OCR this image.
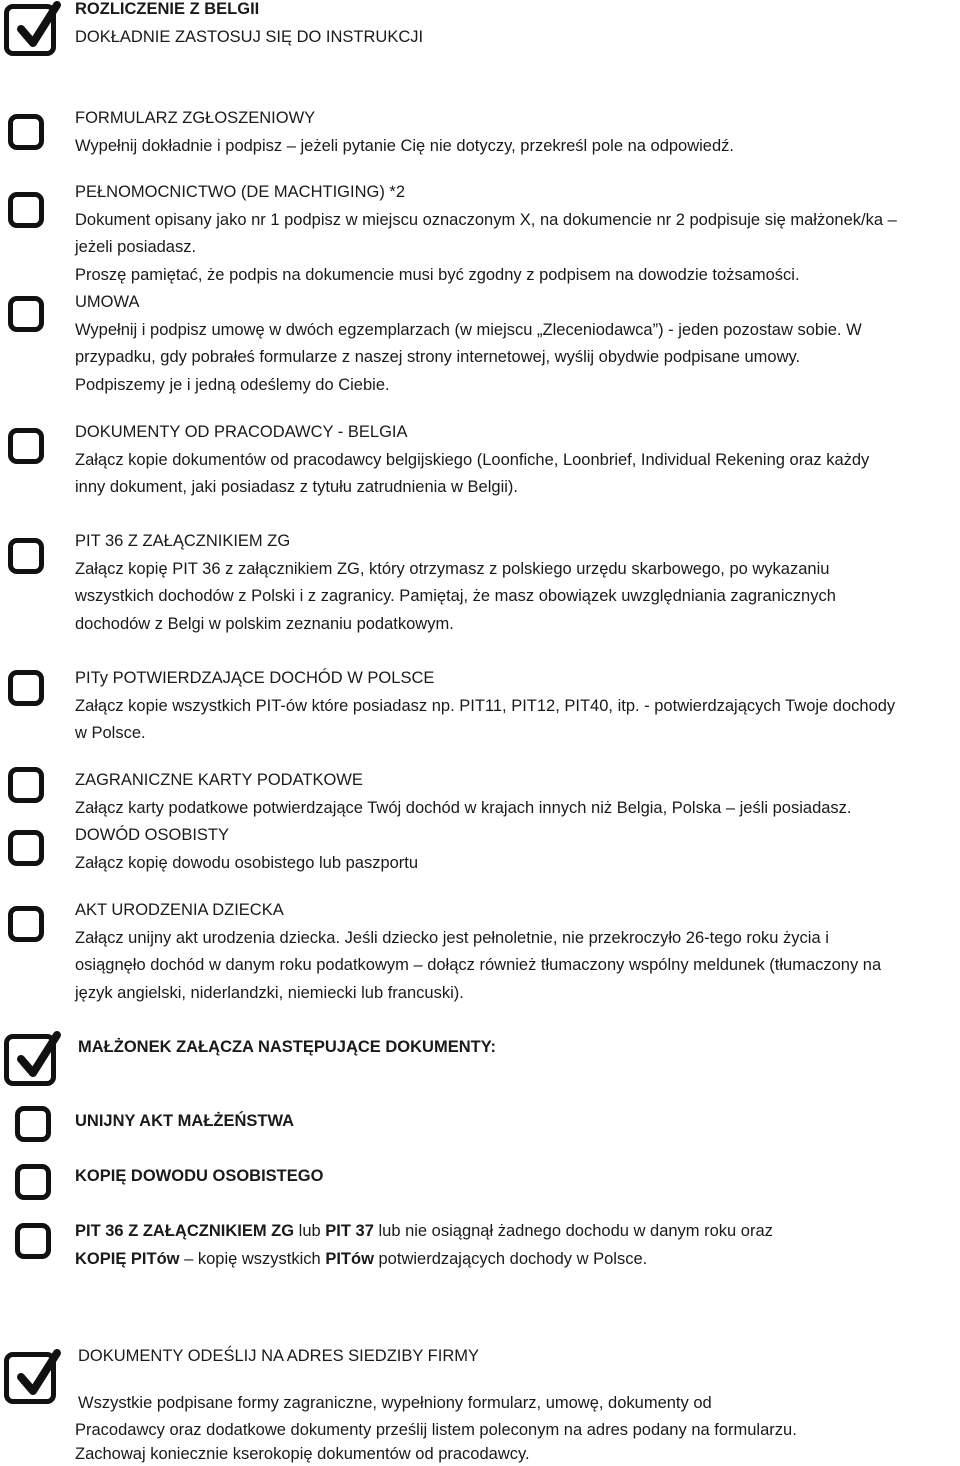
ROZLICZENIE Z BELGII
DOKŁADNIE ZASTOSUJ SIĘ DO INSTRUKCJI
FORMULARZ ZGŁOSZENIOWY
Wypełnij dokładnie i podpisz – jeżeli pytanie Cię nie dotyczy, przekreśl pole na odpowiedź.
PEŁNOMOCNICTWO (DE MACHTIGING) *2
Dokument opisany jako nr 1 podpisz w miejscu oznaczonym X, na dokumencie nr 2 podpisuje się małżonek/ka –
jeżeli posiadasz.
Proszę pamiętać, że podpis na dokumencie musi być zgodny z podpisem na dowodzie tożsamości.
UMOWA
Wypełnij i podpisz umowę w dwóch egzemplarzach (w miejscu „Zleceniodawca”) - jeden pozostaw sobie. W
przypadku, gdy pobrałeś formularze z naszej strony internetowej, wyślij obydwie podpisane umowy.
Podpiszemy je i jedną odeślemy do Ciebie.
DOKUMENTY OD PRACODAWCY - BELGIA
Załącz kopie dokumentów od pracodawcy belgijskiego (Loonfiche, Loonbrief, Individual Rekening oraz każdy
inny dokument, jaki posiadasz z tytułu zatrudnienia w Belgii).
PIT 36 Z ZAŁĄCZNIKIEM ZG
Załącz kopię PIT 36 z załącznikiem ZG, który otrzymasz z polskiego urzędu skarbowego, po wykazaniu
wszystkich dochodów z Polski i z zagranicy. Pamiętaj, że masz obowiązek uwzględniania zagranicznych
dochodów z Belgi w polskim zeznaniu podatkowym.
PITy POTWIERDZAJĄCE DOCHÓD W POLSCE
Załącz kopie wszystkich PIT-ów które posiadasz np. PIT11, PIT12, PIT40, itp. - potwierdzających Twoje dochody
w Polsce.
ZAGRANICZNE KARTY PODATKOWE
Załącz karty podatkowe potwierdzające Twój dochód w krajach innych niż Belgia, Polska – jeśli posiadasz.
DOWÓD OSOBISTY
Załącz kopię dowodu osobistego lub paszportu
AKT URODZENIA DZIECKA
Załącz unijny akt urodzenia dziecka. Jeśli dziecko jest pełnoletnie, nie przekroczyło 26-tego roku życia i
osiągnęło dochód w danym roku podatkowym – dołącz również tłumaczony wspólny meldunek (tłumaczony na
język angielski, niderlandzki, niemiecki lub francuski).
MAŁŻONEK ZAŁĄCZA NASTĘPUJĄCE DOKUMENTY:
UNIJNY AKT MAŁŻEŃSTWA
KOPIĘ DOWODU OSOBISTEGO
PIT 36 Z ZAŁĄCZNIKIEM ZG lub PIT 37 lub nie osiągnął żadnego dochodu w danym roku oraz
KOPIĘ PITów – kopię wszystkich PITów potwierdzających dochody w Polsce.
DOKUMENTY ODEŚLIJ NA ADRES SIEDZIBY FIRMY
Wszystkie podpisane formy zagraniczne, wypełniony formularz, umowę, dokumenty od
Pracodawcy oraz dodatkowe dokumenty prześlij listem poleconym na adres podany na formularzu.
Zachowaj koniecznie kserokopię dokumentów od pracodawcy.
